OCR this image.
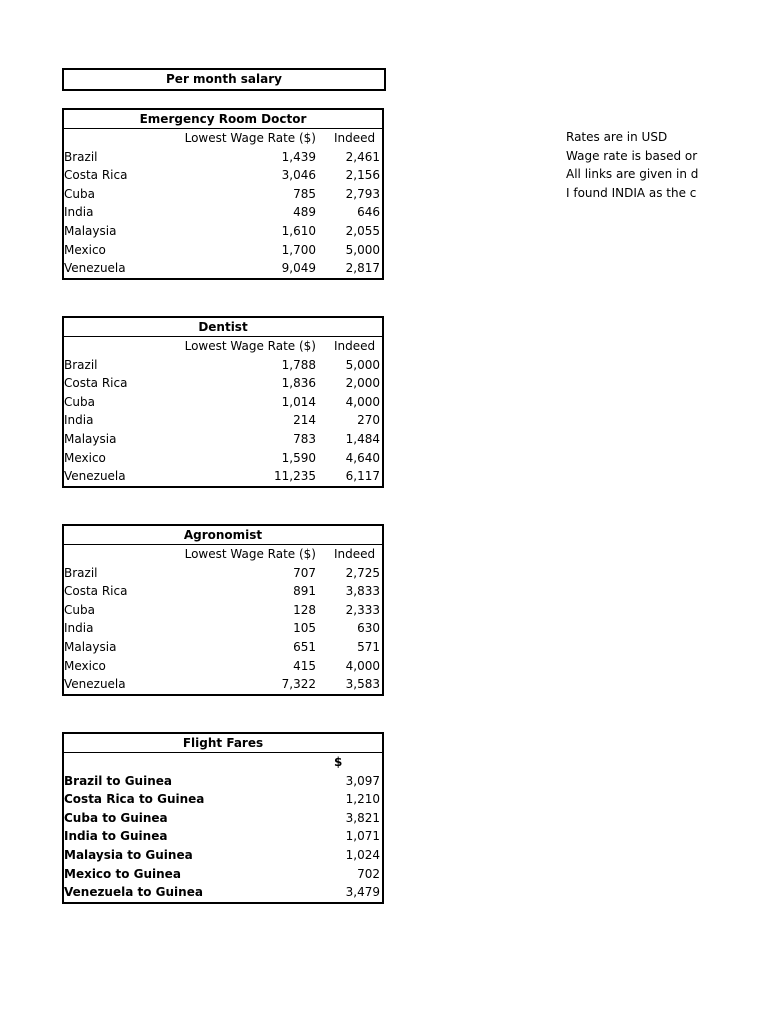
Per month salary
Emergency Room Doctor
Lowest Wage Rate ($) Indeed
Brazil	1,439 2,461
Costa Rica	3,046 2,156
Cuba	785 2,793
India	489	646
Malaysia	1,610 2,055
Mexico	1,700 5,000
Venezuela	9,049 2,817
Dentist
Lowest Wage Rate ($) Indeed
Brazil	1,788 5,000
Costa Rica	1,836 2,000
Cuba	1,014 4,000
India	214	270
Malaysia	783 1,484
Mexico	1,590 4,640
Venezuela	11,235 6,117
Agronomist
Lowest Wage Rate ($) Indeed
Brazil	707 2,725
Costa Rica	891 3,833
Cuba	128 2,333
India	105	630
Malaysia	651	571
Mexico	415 4,000
Venezuela	7,322 3,583
Flight Fares
$
Brazil to Guinea	3,097
Costa Rica to Guinea	1,210
Cuba to Guinea	3,821
India to Guinea	1,071
Malaysia to Guinea	1,024
Mexico to Guinea	702
Venezuela to Guinea	3,479
Rates are in USD
Wage rate is based or
All links are given in d
I found INDIA as the c
